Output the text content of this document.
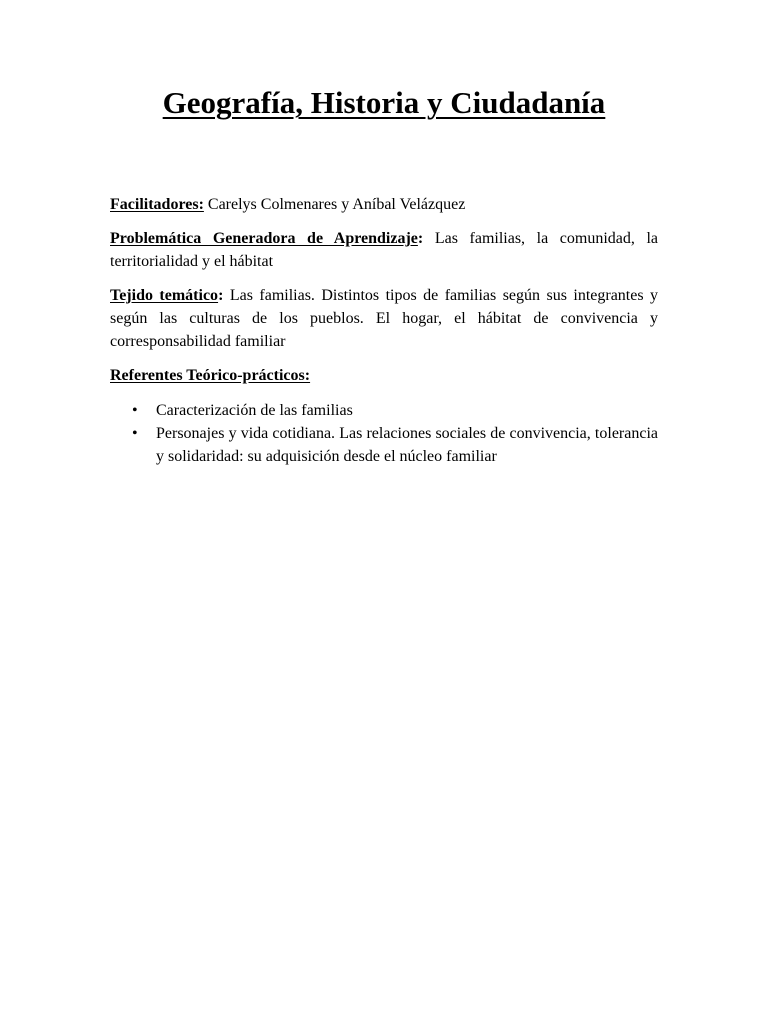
Geografía, Historia y Ciudadanía

Facilitadores: Carelys Colmenares y Aníbal Velázquez

Problemática Generadora de Aprendizaje: Las familias, la comunidad, la territorialidad y el hábitat

Tejido temático: Las familias. Distintos tipos de familias según sus integrantes y según las culturas de los pueblos. El hogar, el hábitat de convivencia y corresponsabilidad familiar

Referentes Teórico-prácticos:

• Caracterización de las familias
• Personajes y vida cotidiana. Las relaciones sociales de convivencia, tolerancia y solidaridad: su adquisición desde el núcleo familiar
